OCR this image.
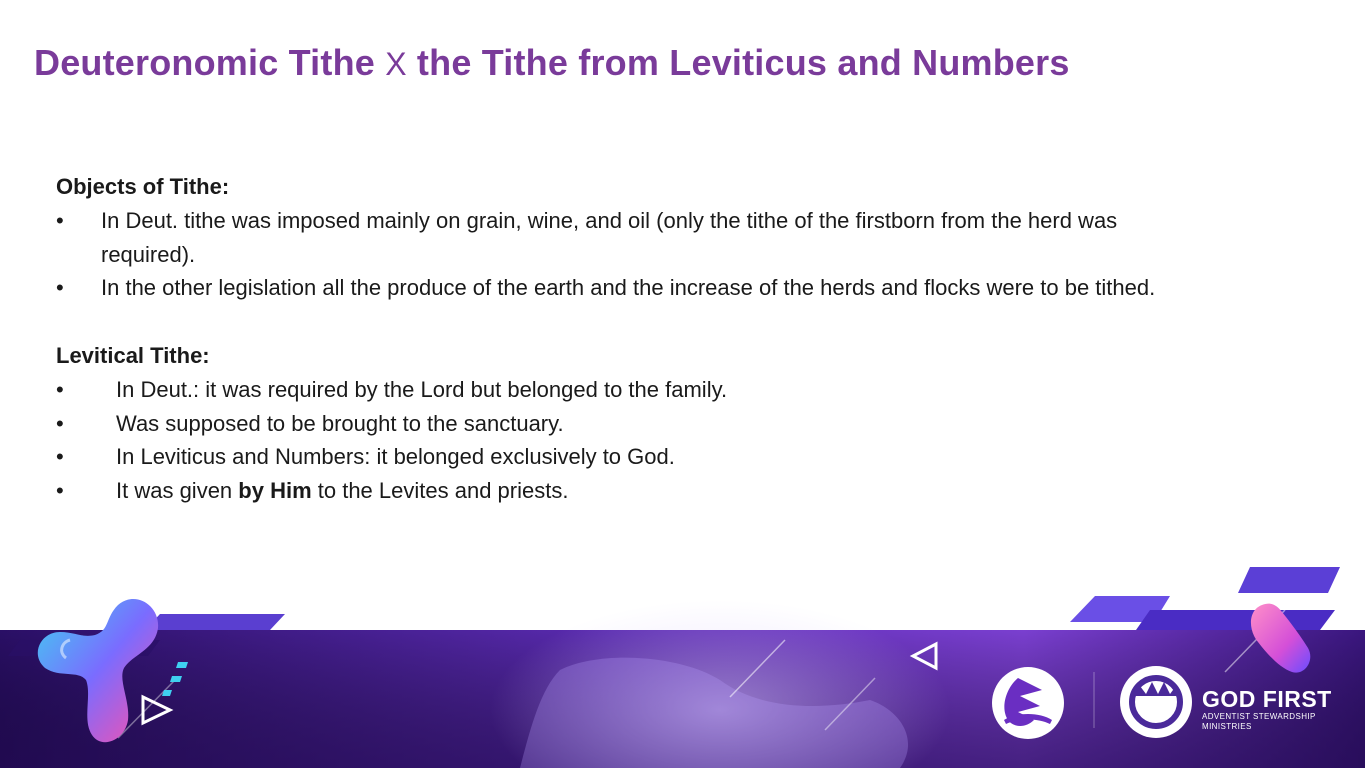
Deuteronomic Tithe X the Tithe from Leviticus and Numbers

Objects of Tithe:

• In Deut. tithe was imposed mainly on grain, wine, and oil (only the tithe of the firstborn from the herd was required).
• In the other legislation all the produce of the earth and the increase of the herds and flocks were to be tithed.

Levitical Tithe:

• In Deut.: it was required by the Lord but belonged to the family.
• Was supposed to be brought to the sanctuary.
• In Leviticus and Numbers: it belonged exclusively to God.
• It was given by Him to the Levites and priests.
GOD FIRST
ADVENTIST STEWARDSHIP MINISTRIES
